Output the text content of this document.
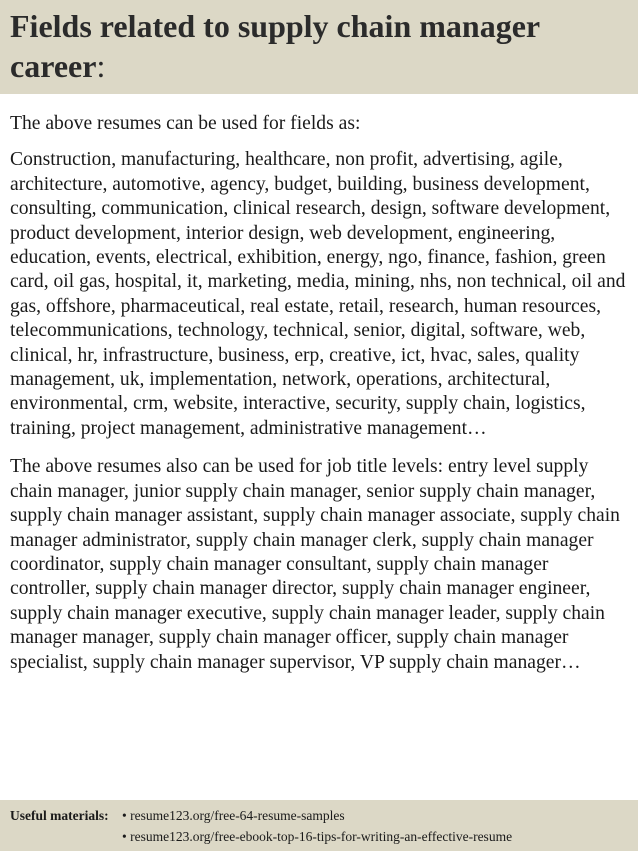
Fields related to supply chain manager career:

The above resumes can be used for fields as:

Construction, manufacturing, healthcare, non profit, advertising, agile, architecture, automotive, agency, budget, building, business development, consulting, communication, clinical research, design, software development, product development, interior design, web development, engineering, education, events, electrical, exhibition, energy, ngo, finance, fashion, green card, oil gas, hospital, it, marketing, media, mining, nhs, non technical, oil and gas, offshore, pharmaceutical, real estate, retail, research, human resources, telecommunications, technology, technical, senior, digital, software, web, clinical, hr, infrastructure, business, erp, creative, ict, hvac, sales, quality management, uk, implementation, network, operations, architectural, environmental, crm, website, interactive, security, supply chain, logistics, training, project management, administrative management…

The above resumes also can be used for job title levels: entry level supply chain manager, junior supply chain manager, senior supply chain manager, supply chain manager assistant, supply chain manager associate, supply chain manager administrator, supply chain manager clerk, supply chain manager coordinator, supply chain manager consultant, supply chain manager controller, supply chain manager director, supply chain manager engineer, supply chain manager executive, supply chain manager leader, supply chain manager manager, supply chain manager officer, supply chain manager specialist, supply chain manager supervisor, VP supply chain manager…

Useful materials: • resume123.org/free-64-resume-samples
• resume123.org/free-ebook-top-16-tips-for-writing-an-effective-resume
